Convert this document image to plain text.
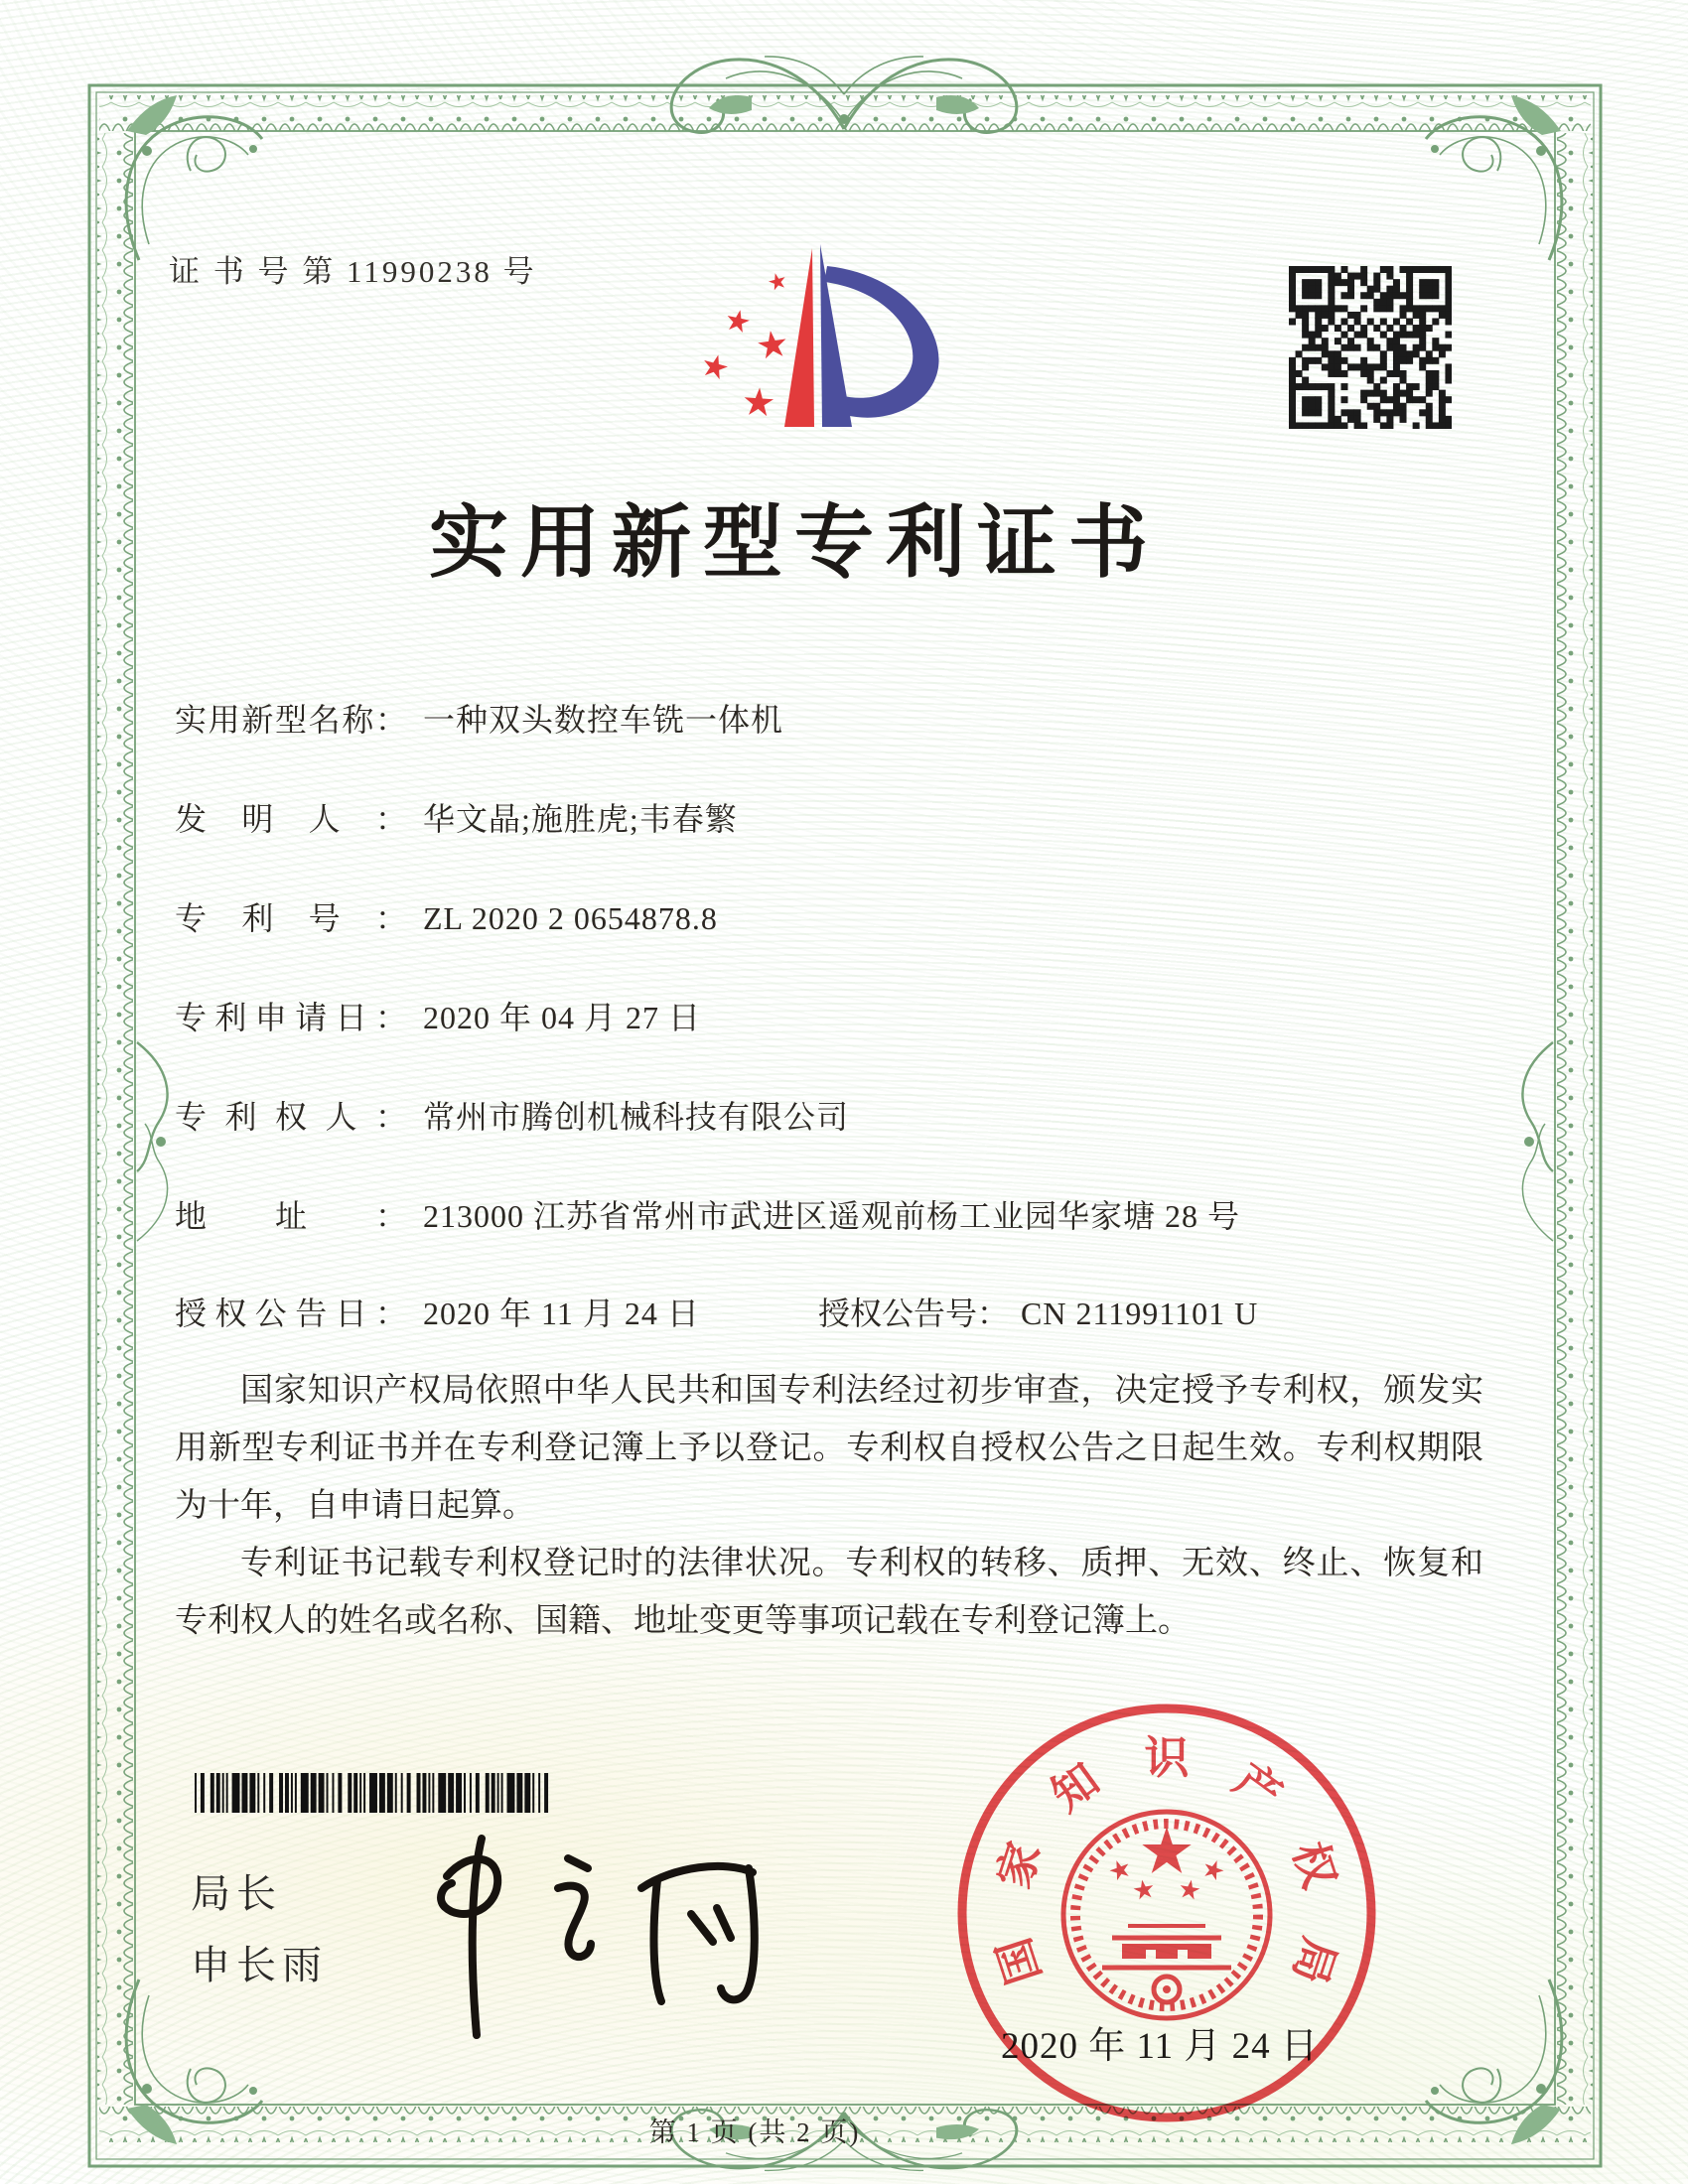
证 书 号 第 11990238 号
实用新型专利证书
实用新型名称： 一种双头数控车铣一体机
发明人： 华文晶;施胜虎;韦春繁
专利号： ZL 2020 2 0654878.8
专利申请日： 2020 年 04 月 27 日
专利权人： 常州市腾创机械科技有限公司
地址： 213000 江苏省常州市武进区遥观前杨工业园华家塘 28 号
授权公告日： 2020 年 11 月 24 日	授权公告号： CN 211991101 U
国家知识产权局依照中华人民共和国专利法经过初步审查，决定授予专利权，颁发实用新型专利证书并在专利登记簿上予以登记。专利权自授权公告之日起生效。专利权期限为十年，自申请日起算。
专利证书记载专利权登记时的法律状况。专利权的转移、质押、无效、终止、恢复和专利权人的姓名或名称、国籍、地址变更等事项记载在专利登记簿上。
局长
申长雨	国
家
知 识 产
权
局
2020 年 11 月 24 日
第 1 页 (共 2 页)
